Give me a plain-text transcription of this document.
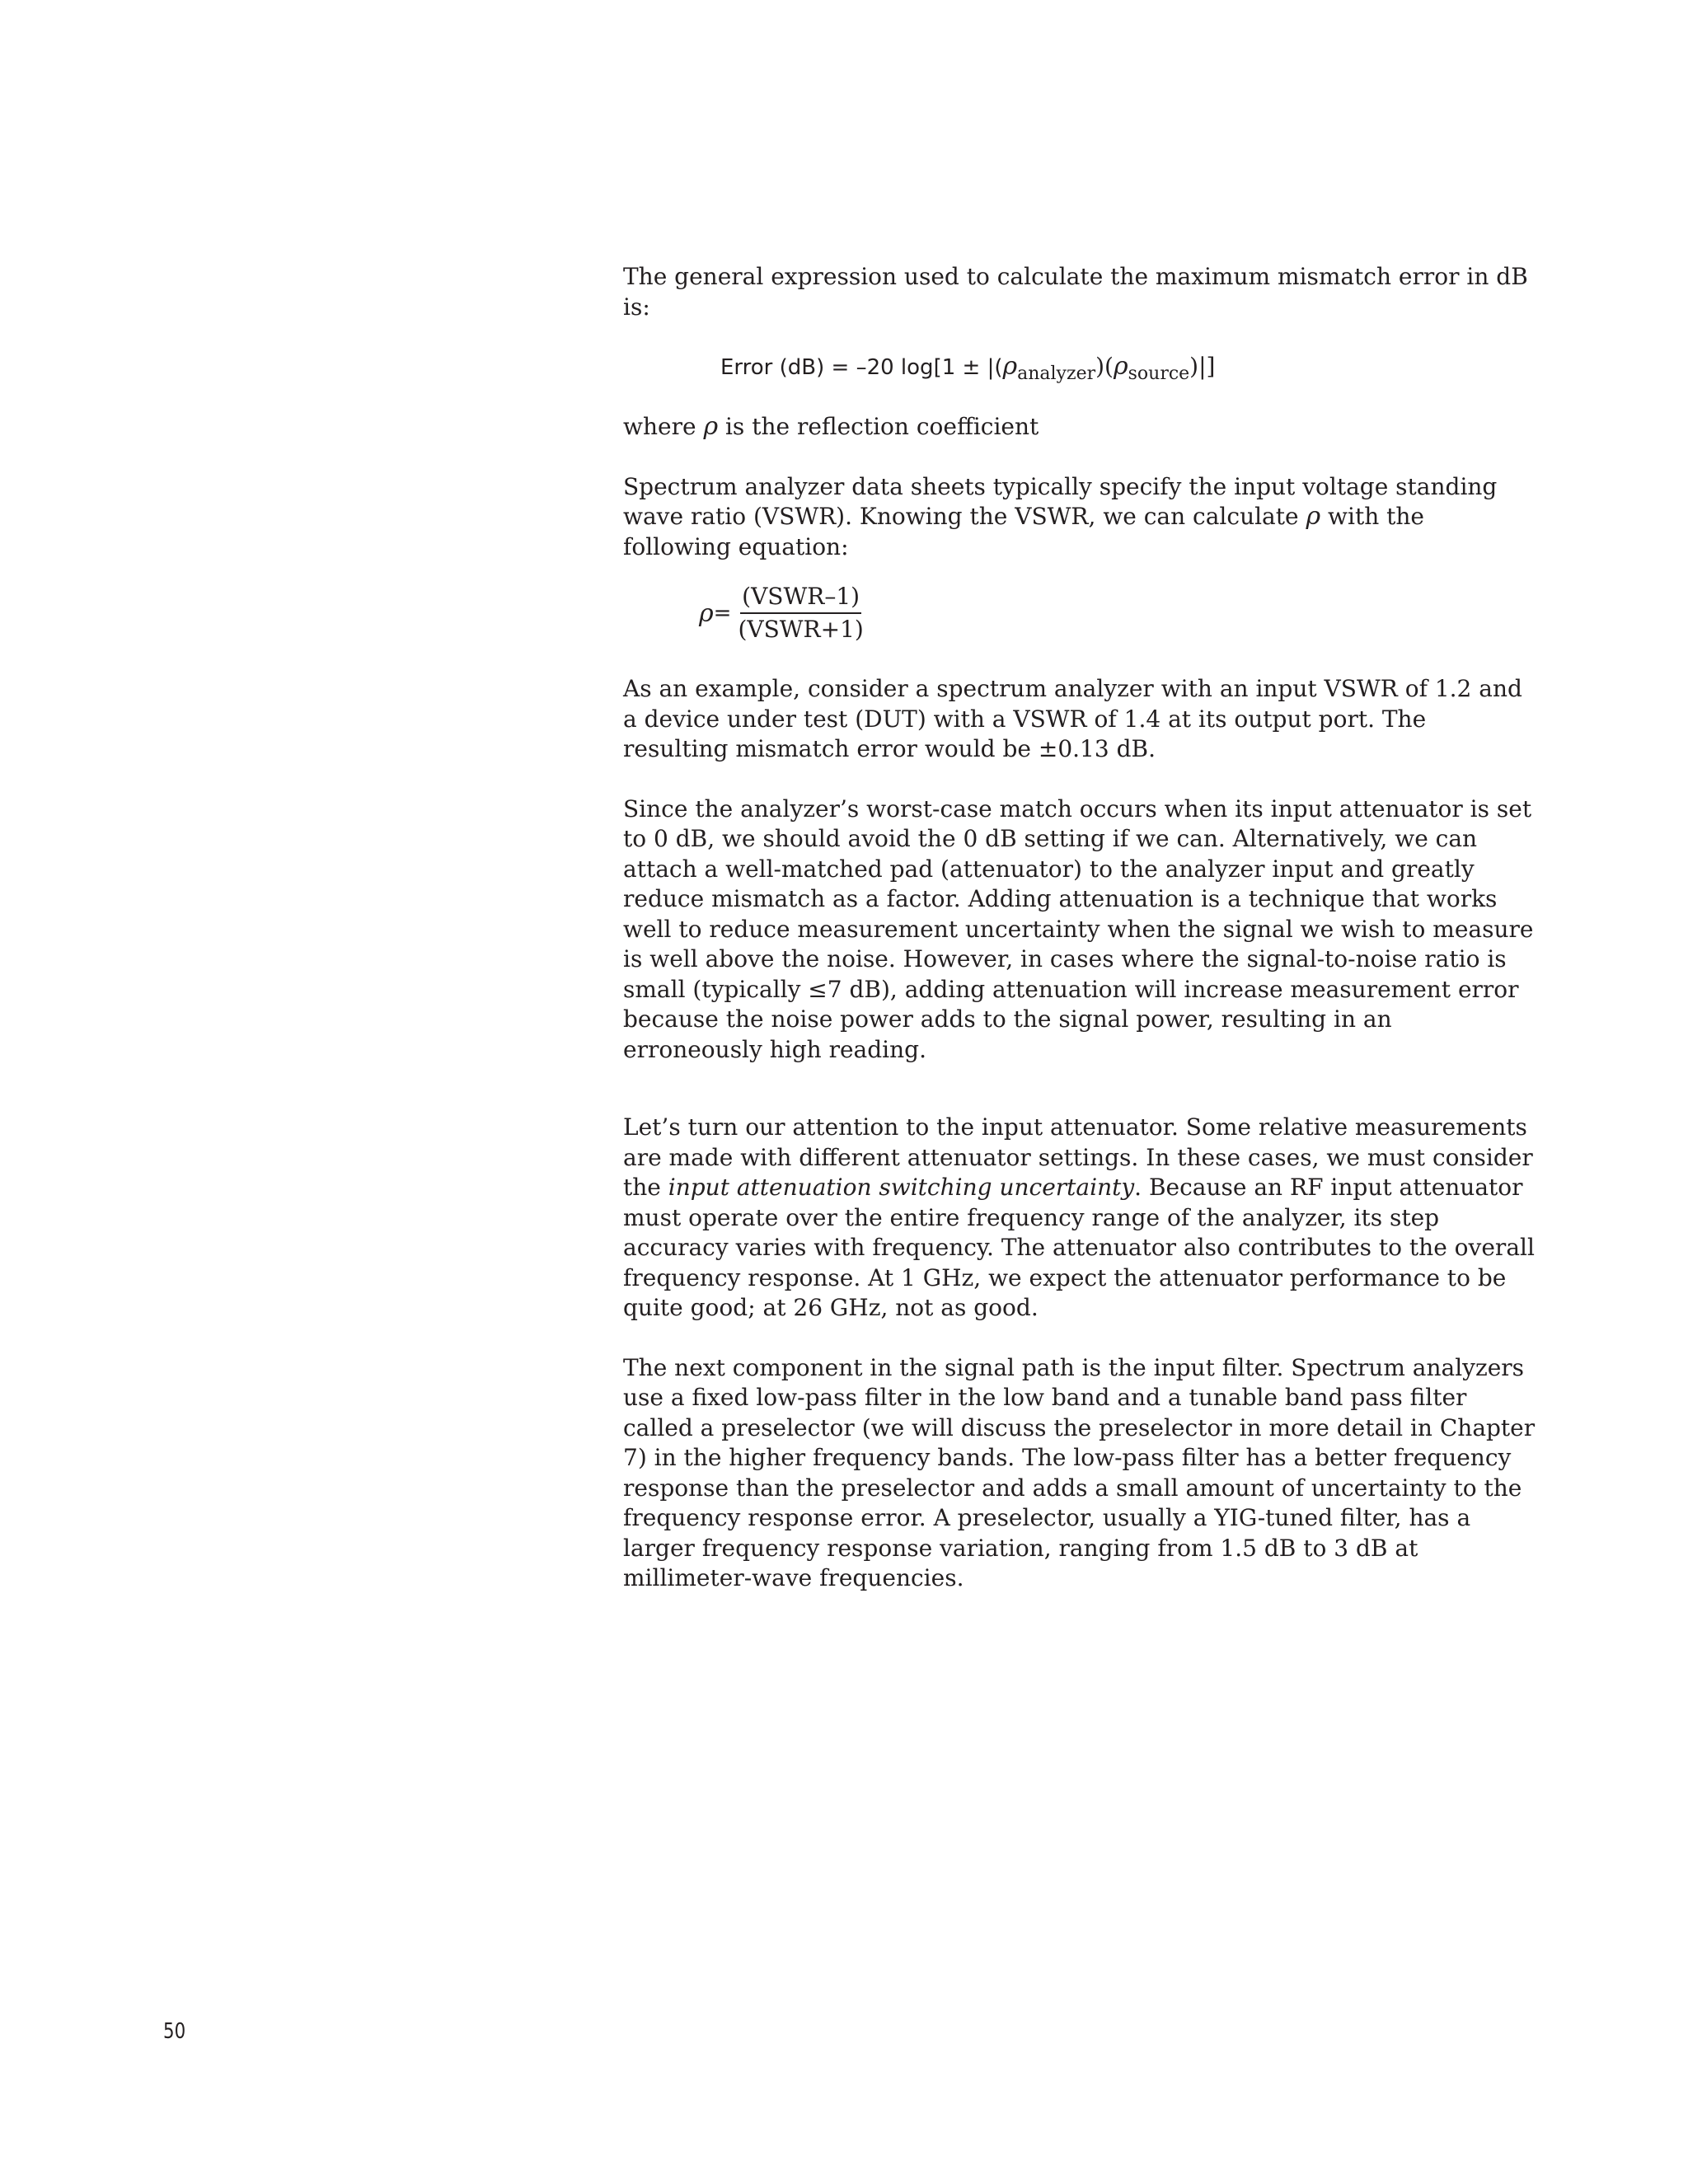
The general expression used to calculate the maximum mismatch error in dB is:

Error (dB) = –20 $\log[1 \pm |(\rho_{analyzer})(\rho_{source})|]$

where ρ is the reflection coefficient

Spectrum analyzer data sheets typically specify the input voltage standing wave ratio (VSWR). Knowing the VSWR, we can calculate ρ with the following equation:

$\rho = \frac{\text{(VSWR–1)}}{\text{(VSWR+1)}}$

As an example, consider a spectrum analyzer with an input VSWR of 1.2 and a device under test (DUT) with a VSWR of 1.4 at its output port. The resulting mismatch error would be ±0.13 dB.

Since the analyzer’s worst-case match occurs when its input attenuator is set to 0 dB, we should avoid the 0 dB setting if we can. Alternatively, we can attach a well-matched pad (attenuator) to the analyzer input and greatly reduce mismatch as a factor. Adding attenuation is a technique that works well to reduce measurement uncertainty when the signal we wish to measure is well above the noise. However, in cases where the signal-to-noise ratio is small (typically ≤7 dB), adding attenuation will increase measurement error because the noise power adds to the signal power, resulting in an erroneously high reading.

Let’s turn our attention to the input attenuator. Some relative measurements are made with different attenuator settings. In these cases, we must consider the input attenuation switching uncertainty. Because an RF input attenuator must operate over the entire frequency range of the analyzer, its step accuracy varies with frequency. The attenuator also contributes to the overall frequency response. At 1 GHz, we expect the attenuator performance to be quite good; at 26 GHz, not as good.

The next component in the signal path is the input filter. Spectrum analyzers use a fixed low-pass filter in the low band and a tunable band pass filter called a preselector (we will discuss the preselector in more detail in Chapter 7) in the higher frequency bands. The low-pass filter has a better frequency response than the preselector and adds a small amount of uncertainty to the frequency response error. A preselector, usually a YIG-tuned filter, has a larger frequency response variation, ranging from 1.5 dB to 3 dB at millimeter-wave frequencies.

50
